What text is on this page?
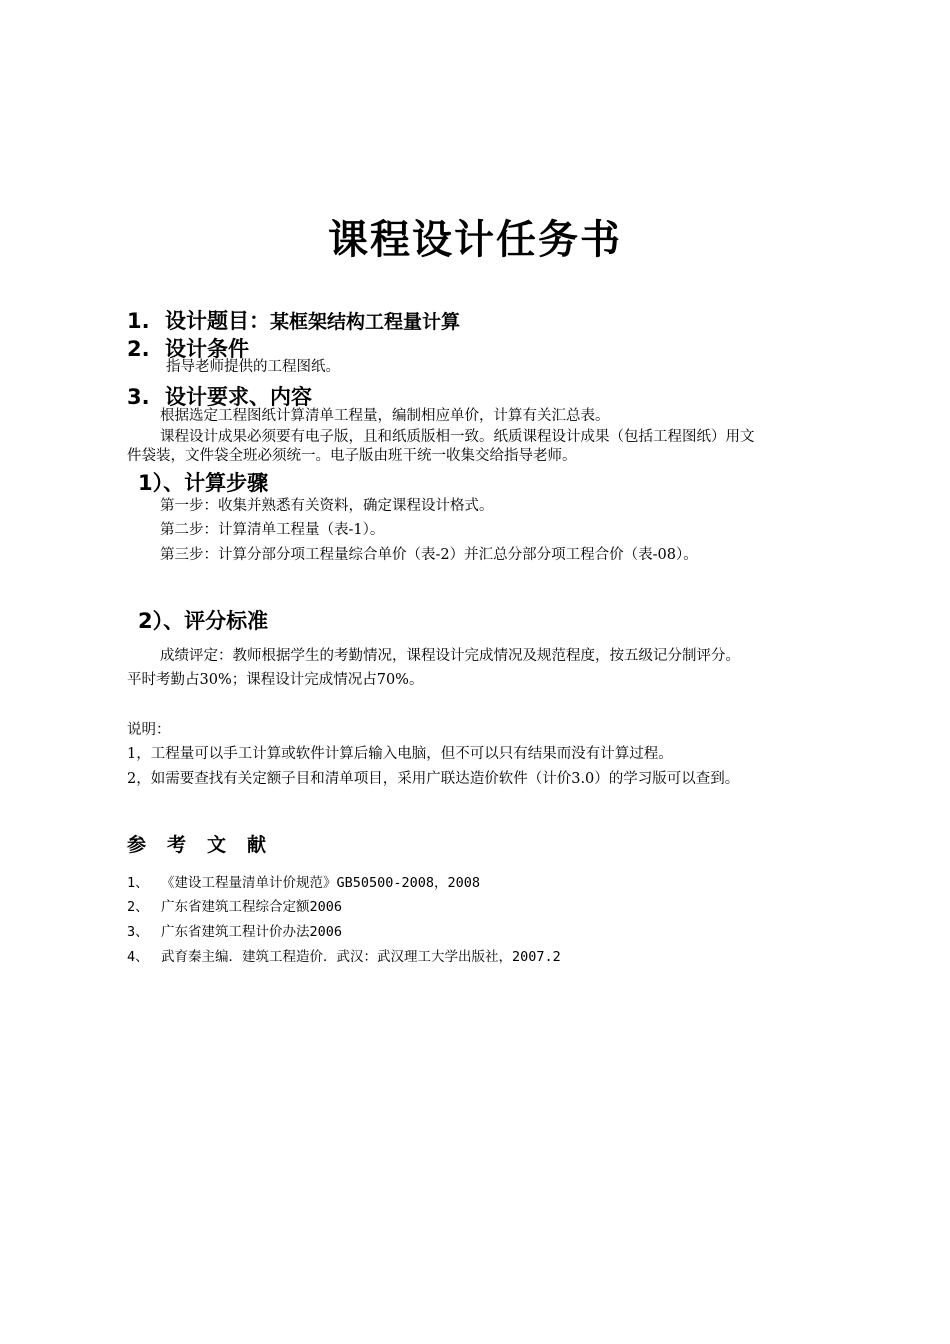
课程设计任务书
1. 设计题目：某框架结构工程量计算
2. 设计条件
指导老师提供的工程图纸。
3. 设计要求、内容
根据选定工程图纸计算清单工程量，编制相应单价，计算有关汇总表。
课程设计成果必须要有电子版，且和纸质版相一致。纸质课程设计成果（包括工程图纸）用文
件袋装，文件袋全班必须统一。电子版由班干统一收集交给指导老师。
1）、计算步骤
第一步：收集并熟悉有关资料，确定课程设计格式。
第二步：计算清单工程量（表-1）。
第三步：计算分部分项工程量综合单价（表-2）并汇总分部分项工程合价（表-08）。
2）、评分标准
成绩评定：教师根据学生的考勤情况，课程设计完成情况及规范程度，按五级记分制评分。
平时考勤占30%；课程设计完成情况占70%。
说明：
1，工程量可以手工计算或软件计算后输入电脑，但不可以只有结果而没有计算过程。
2，如需要查找有关定额子目和清单项目，采用广联达造价软件（计价3.0）的学习版可以查到。
参考文献
1、 《建设工程量清单计价规范》GB50500-2008，2008
2、 广东省建筑工程综合定额2006
3、 广东省建筑工程计价办法2006
4、 武育秦主编．建筑工程造价．武汉：武汉理工大学出版社，2007.2
